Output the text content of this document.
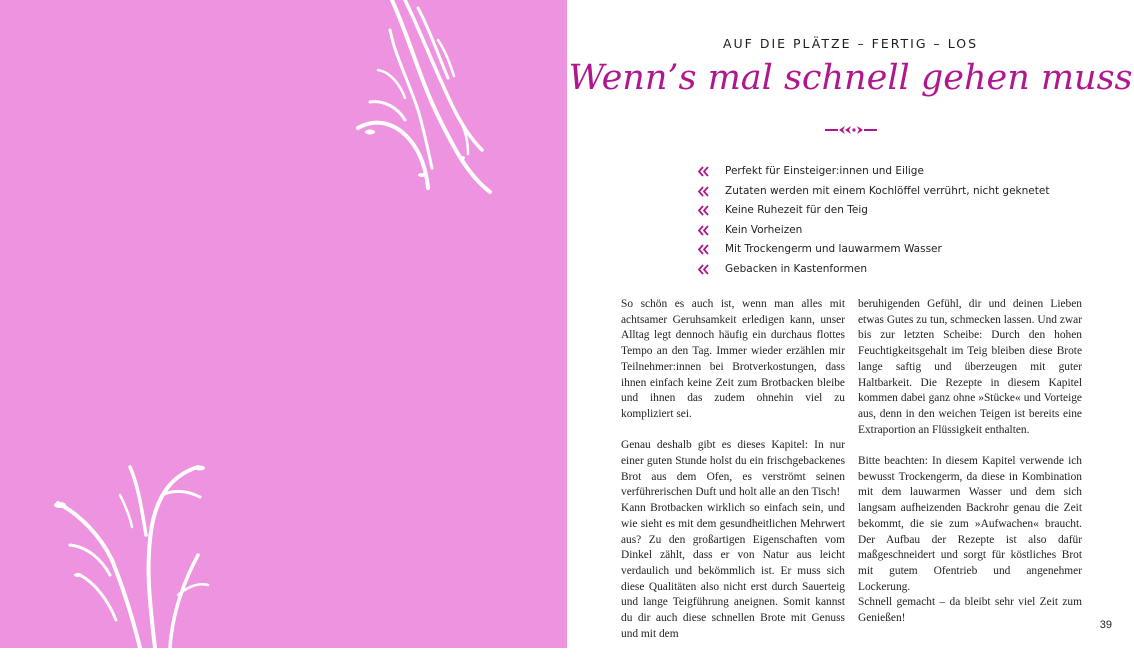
AUF DIE PLÄTZE – FERTIG – LOS
Wenn’s mal schnell gehen muss
Perfekt für Einsteiger:innen und Eilige
Zutaten werden mit einem Kochlöffel verrührt, nicht geknetet
Keine Ruhezeit für den Teig
Kein Vorheizen
Mit Trockengerm und lauwarmem Wasser
Gebacken in Kastenformen

So schön es auch ist, wenn man alles mit achtsamer Geruhsamkeit erledigen kann, unser Alltag legt dennoch häufig ein durchaus flottes Tempo an den Tag. Immer wieder erzählen mir Teilnehmer:innen bei Brotverkostungen, dass ihnen einfach keine Zeit zum Brotbacken bleibe und ihnen das zudem ohnehin viel zu kompliziert sei.

Genau deshalb gibt es dieses Kapitel: In nur einer guten Stunde holst du ein frischgebackenes Brot aus dem Ofen, es verströmt seinen verführerischen Duft und holt alle an den Tisch!

Kann Brotbacken wirklich so einfach sein, und wie sieht es mit dem gesundheitlichen Mehrwert aus? Zu den großartigen Eigenschaften vom Dinkel zählt, dass er von Natur aus leicht verdaulich und bekömmlich ist. Er muss sich diese Qualitäten also nicht erst durch Sauerteig und lange Teigführung aneignen. Somit kannst du dir auch diese schnellen Brote mit Genuss und mit dem

beruhigenden Gefühl, dir und deinen Lieben etwas Gutes zu tun, schmecken lassen. Und zwar bis zur letzten Scheibe: Durch den hohen Feuchtigkeitsgehalt im Teig bleiben diese Brote lange saftig und überzeugen mit guter Haltbarkeit. Die Rezepte in diesem Kapitel kommen dabei ganz ohne »Stücke« und Vorteige aus, denn in den weichen Teigen ist bereits eine Extraportion an Flüssigkeit enthalten.

Bitte beachten: In diesem Kapitel verwende ich bewusst Trockengerm, da diese in Kombination mit dem lauwarmen Wasser und dem sich langsam aufheizenden Backrohr genau die Zeit bekommt, die sie zum »Aufwachen« braucht. Der Aufbau der Rezepte ist also dafür maßgeschneidert und sorgt für köstliches Brot mit gutem Ofentrieb und angenehmer Lockerung.

Schnell gemacht – da bleibt sehr viel Zeit zum Genießen!

39
